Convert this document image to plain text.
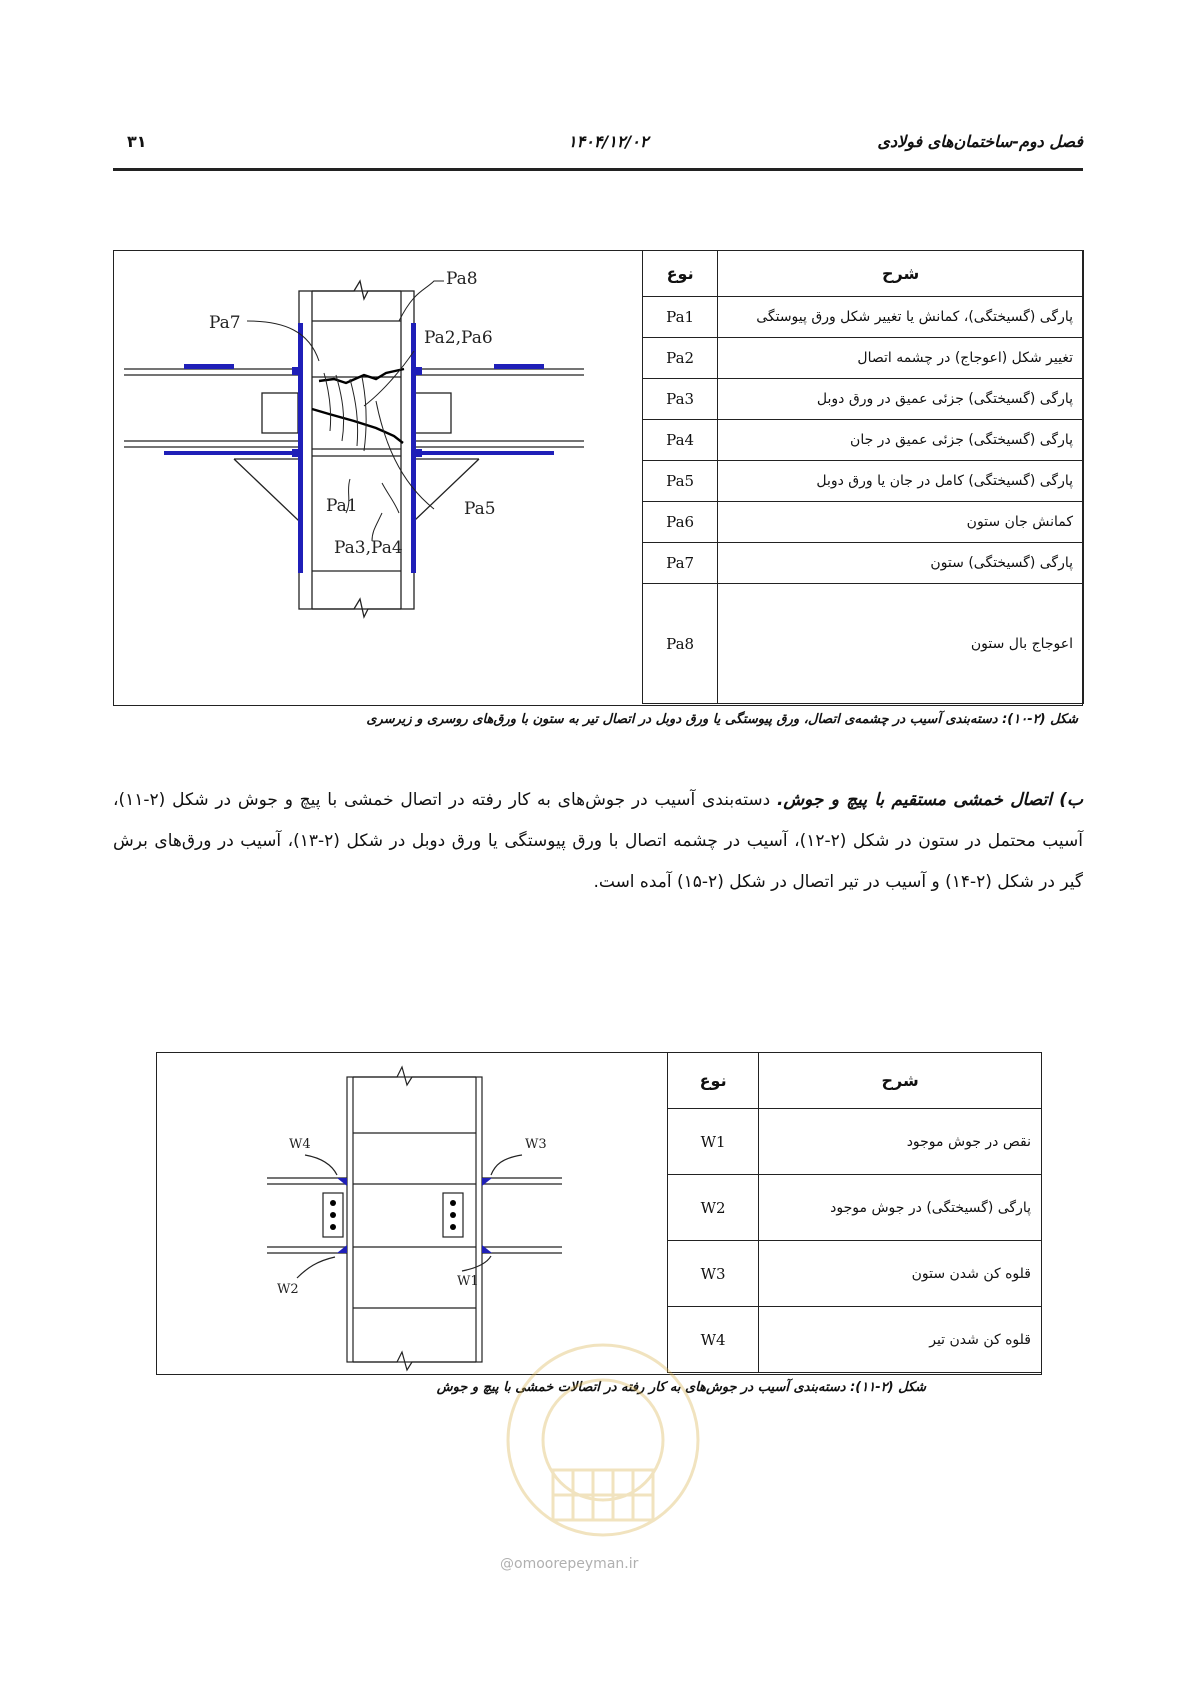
فصل دوم-ساختمان‌های فولادی
۱۴۰۴/۱۲/۰۲
۳۱
Pa8
Pa7
Pa2,Pa6
Pa1	Pa5
Pa3,Pa4
شرح	نوع
پارگی (گسیختگی)، کمانش یا تغییر شکل ورق پیوستگی	Pa1
تغییر شکل (اعوجاج) در چشمه اتصال	Pa2
پارگی (گسیختگی) جزئی عمیق در ورق دوبل	Pa3
پارگی (گسیختگی) جزئی عمیق در جان	Pa4
پارگی (گسیختگی) کامل در جان یا ورق دوبل	Pa5
کمانش جان ستون	Pa6
پارگی (گسیختگی) ستون	Pa7
اعوجاج بال ستون	Pa8
شکل (۲-۱۰): دسته‌بندی آسیب در چشمه‌ی اتصال، ورق پیوستگی یا ورق دوبل در اتصال تیر به ستون با ورق‌های روسری و زیرسری
ب) اتصال خمشی مستقیم با پیچ و جوش. دسته‌بندی آسیب در جوش‌های به کار رفته در اتصال خمشی با پیچ و جوش در شکل (۲-۱۱)، آسیب محتمل در ستون در شکل (۲-۱۲)، آسیب در چشمه اتصال با ورق پیوستگی یا ورق دوبل در شکل (۲-۱۳)، آسیب در ورق‌های برش گیر در شکل (۲-۱۴) و آسیب در تیر اتصال در شکل (۲-۱۵) آمده است.
W4	W3
W2
W1
شرح	نوع
نقص در جوش موجود	W1
پارگی (گسیختگی) در جوش موجود	W2
قلوه کن شدن ستون	W3
قلوه کن شدن تیر	W4
شکل (۲-۱۱): دسته‌بندی آسیب در جوش‌های به کار رفته در اتصالات خمشی با پیچ و جوش
@omoorepeyman.ir
